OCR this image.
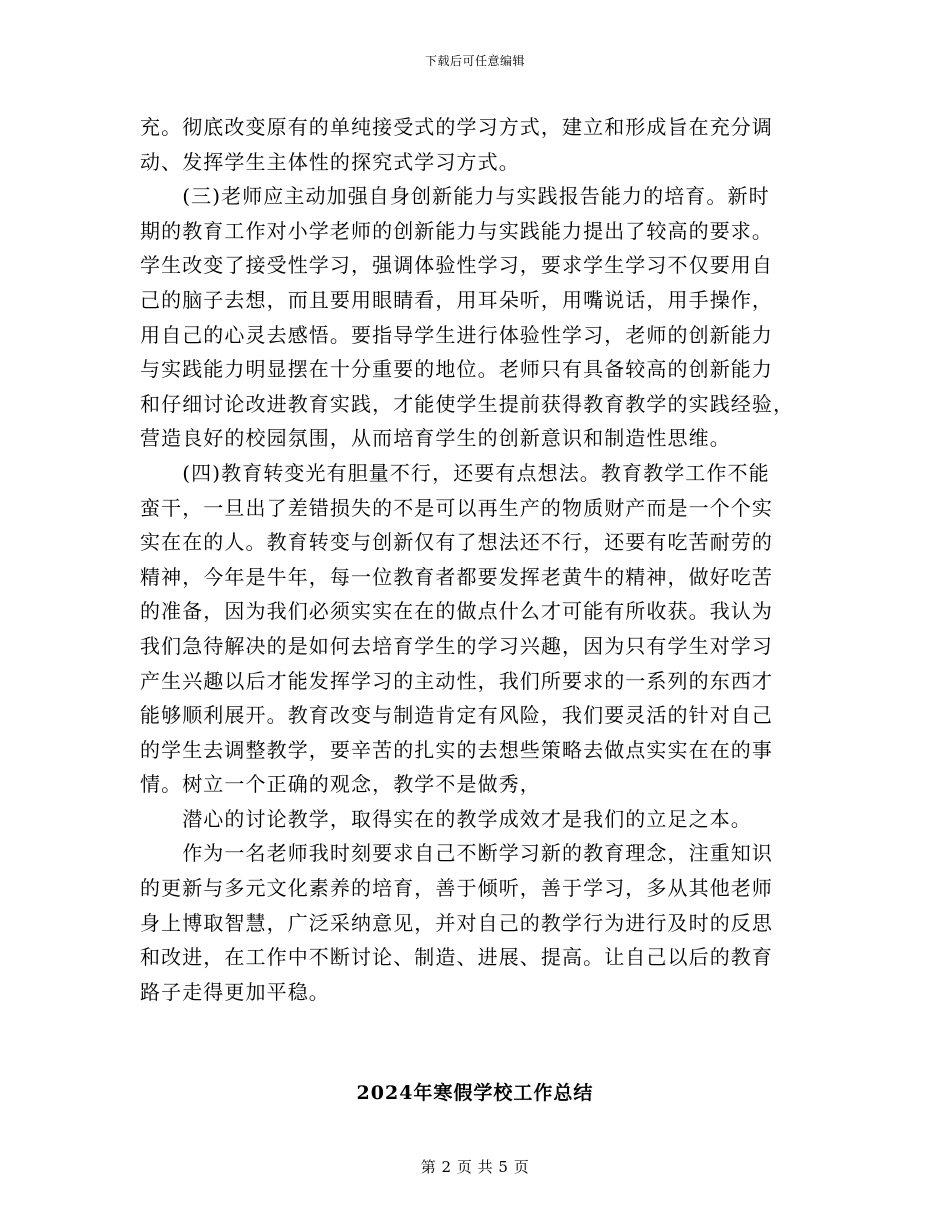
下载后可任意编辑
充。彻底改变原有的单纯接受式的学习方式，建立和形成旨在充分调
动、发挥学生主体性的探究式学习方式。
　　(三)老师应主动加强自身创新能力与实践报告能力的培育。新时
期的教育工作对小学老师的创新能力与实践能力提出了较高的要求。
学生改变了接受性学习，强调体验性学习，要求学生学习不仅要用自
己的脑子去想，而且要用眼睛看，用耳朵听，用嘴说话，用手操作，
用自己的心灵去感悟。要指导学生进行体验性学习，老师的创新能力
与实践能力明显摆在十分重要的地位。老师只有具备较高的创新能力
和仔细讨论改进教育实践，才能使学生提前获得教育教学的实践经验，
营造良好的校园氛围，从而培育学生的创新意识和制造性思维。
　　(四)教育转变光有胆量不行，还要有点想法。教育教学工作不能
蛮干，一旦出了差错损失的不是可以再生产的物质财产而是一个个实
实在在的人。教育转变与创新仅有了想法还不行，还要有吃苦耐劳的
精神，今年是牛年，每一位教育者都要发挥老黄牛的精神，做好吃苦
的准备，因为我们必须实实在在的做点什么才可能有所收获。我认为
我们急待解决的是如何去培育学生的学习兴趣，因为只有学生对学习
产生兴趣以后才能发挥学习的主动性，我们所要求的一系列的东西才
能够顺利展开。教育改变与制造肯定有风险，我们要灵活的针对自己
的学生去调整教学，要辛苦的扎实的去想些策略去做点实实在在的事
情。树立一个正确的观念，教学不是做秀，
　　潜心的讨论教学，取得实在的教学成效才是我们的立足之本。
　　作为一名老师我时刻要求自己不断学习新的教育理念，注重知识
的更新与多元文化素养的培育，善于倾听，善于学习，多从其他老师
身上博取智慧，广泛采纳意见，并对自己的教学行为进行及时的反思
和改进，在工作中不断讨论、制造、进展、提高。让自己以后的教育
路子走得更加平稳。
2024年寒假学校工作总结
第 2 页 共 5 页
